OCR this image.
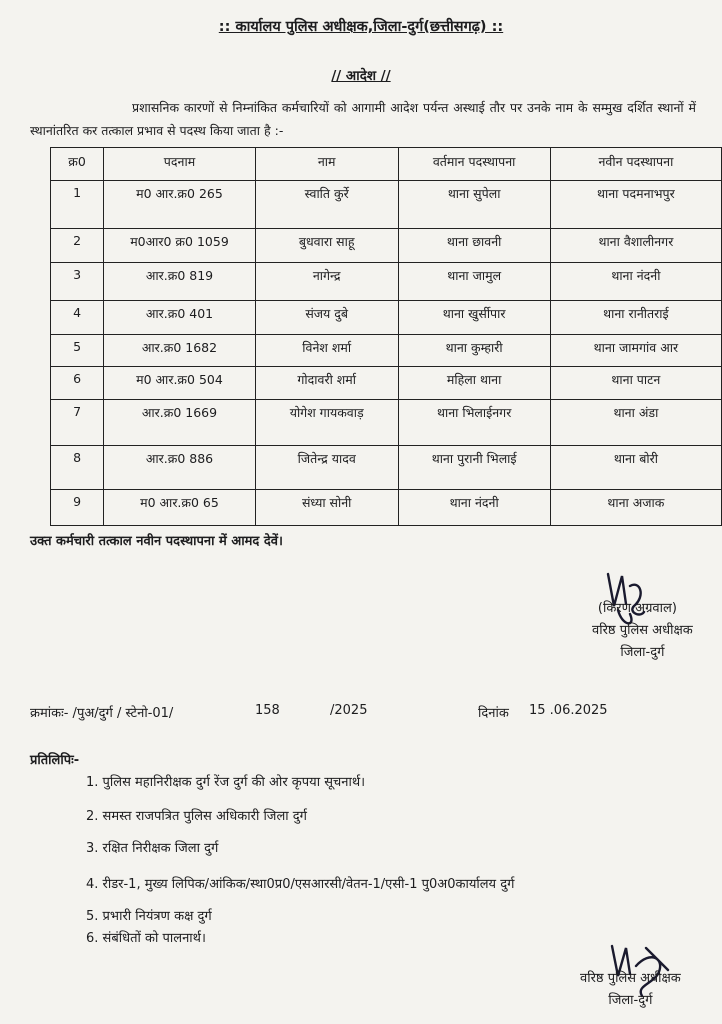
:: कार्यालय पुलिस अधीक्षक,जिला-दुर्ग(छत्तीसगढ़) ::
// आदेश //
प्रशासनिक कारणों से निम्नांकित कर्मचारियों को आगामी आदेश पर्यन्त अस्थाई तौर पर उनके नाम के सम्मुख दर्शित स्थानों में स्थानांतरित कर तत्काल प्रभाव से पदस्थ किया जाता है :-
क्र0	पदनाम	नाम	वर्तमान पदस्थापना	नवीन पदस्थापना
1	म0 आर.क्र0 265	स्वाति कुर्रे	थाना सुपेला	थाना पदमनाभपुर
2	म0आर0 क्र0 1059	बुधवारा साहू	थाना छावनी	थाना वैशालीनगर
3	आर.क्र0 819	नागेन्द्र	थाना जामुल	थाना नंदनी
4	आर.क्र0 401	संजय दुबे	थाना खुर्सीपार	थाना रानीतराई
5	आर.क्र0 1682	विनेश शर्मा	थाना कुम्हारी	थाना जामगांव आर
6	म0 आर.क्र0 504	गोदावरी शर्मा	महिला थाना	थाना पाटन
7	आर.क्र0 1669	योगेश गायकवाड़	थाना भिलाईनगर	थाना अंडा
8	आर.क्र0 886	जितेन्द्र यादव	थाना पुरानी भिलाई	थाना बोरी
9	म0 आर.क्र0 65	संध्या सोनी	थाना नंदनी	थाना अजाक
उक्त कर्मचारी तत्काल नवीन पदस्थापना में आमद देवें।
(किरण अग्रवाल)
वरिष्ठ पुलिस अधीक्षक
जिला-दुर्ग
क्रमांकः- /पुअ/दुर्ग / स्टेनो-01/	158	/2025	दिनांक 15 .06.2025
प्रतिलिपिः-
1. पुलिस महानिरीक्षक दुर्ग रेंज दुर्ग की ओर कृपया सूचनार्थ।
2. समस्त राजपत्रित पुलिस अधिकारी जिला दुर्ग
3. रक्षित निरीक्षक जिला दुर्ग
4. रीडर-1, मुख्य लिपिक/आंकिक/स्था0प्र0/एसआरसी/वेतन-1/एसी-1 पु0अ0कार्यालय दुर्ग
5. प्रभारी नियंत्रण कक्ष दुर्ग
6. संबंधितों को पालनार्थ।
वरिष्ठ पुलिस अधीक्षक
जिला-दुर्ग
